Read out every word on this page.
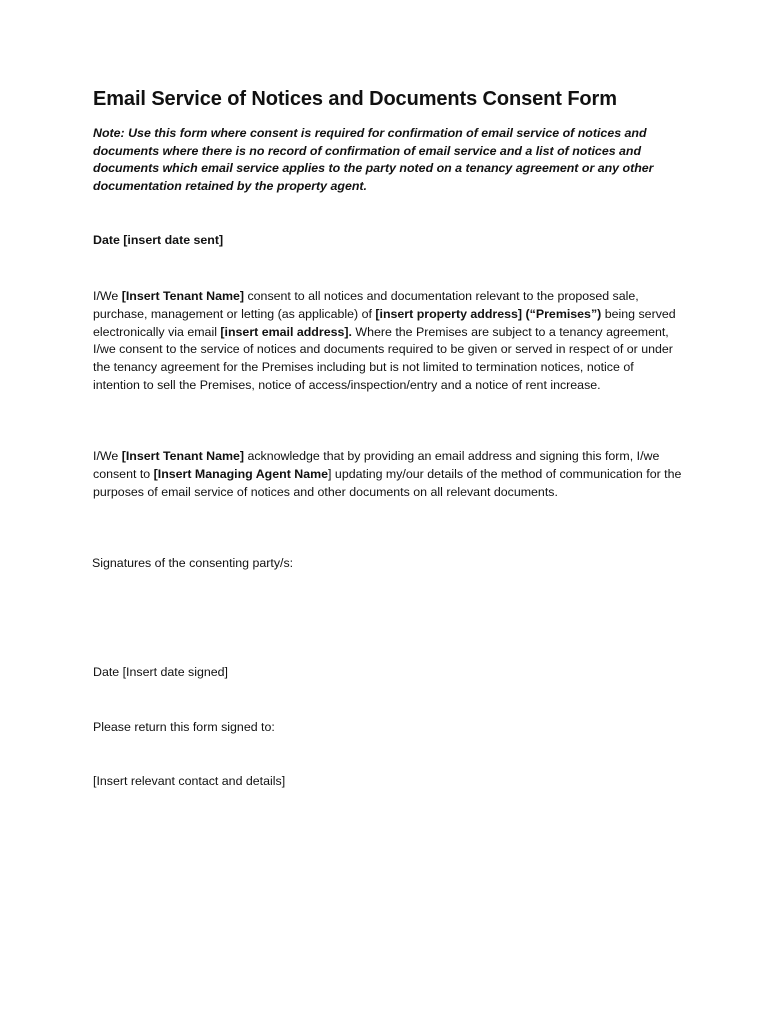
Email Service of Notices and Documents Consent Form
Note: Use this form where consent is required for confirmation of email service of notices and documents where there is no record of confirmation of email service and a list of notices and documents which email service applies to the party noted on a tenancy agreement or any other documentation retained by the property agent.
Date [insert date sent]
I/We [Insert Tenant Name] consent to all notices and documentation relevant to the proposed sale, purchase, management or letting (as applicable) of [insert property address] (“Premises”) being served electronically via email [insert email address]. Where the Premises are subject to a tenancy agreement, I/we consent to the service of notices and documents required to be given or served in respect of or under the tenancy agreement for the Premises including but is not limited to termination notices, notice of intention to sell the Premises, notice of access/inspection/entry and a notice of rent increase.
I/We [Insert Tenant Name] acknowledge that by providing an email address and signing this form, I/we consent to [Insert Managing Agent Name] updating my/our details of the method of communication for the purposes of email service of notices and other documents on all relevant documents.
Signatures of the consenting party/s:
Date [Insert date signed]
Please return this form signed to:
[Insert relevant contact and details]
